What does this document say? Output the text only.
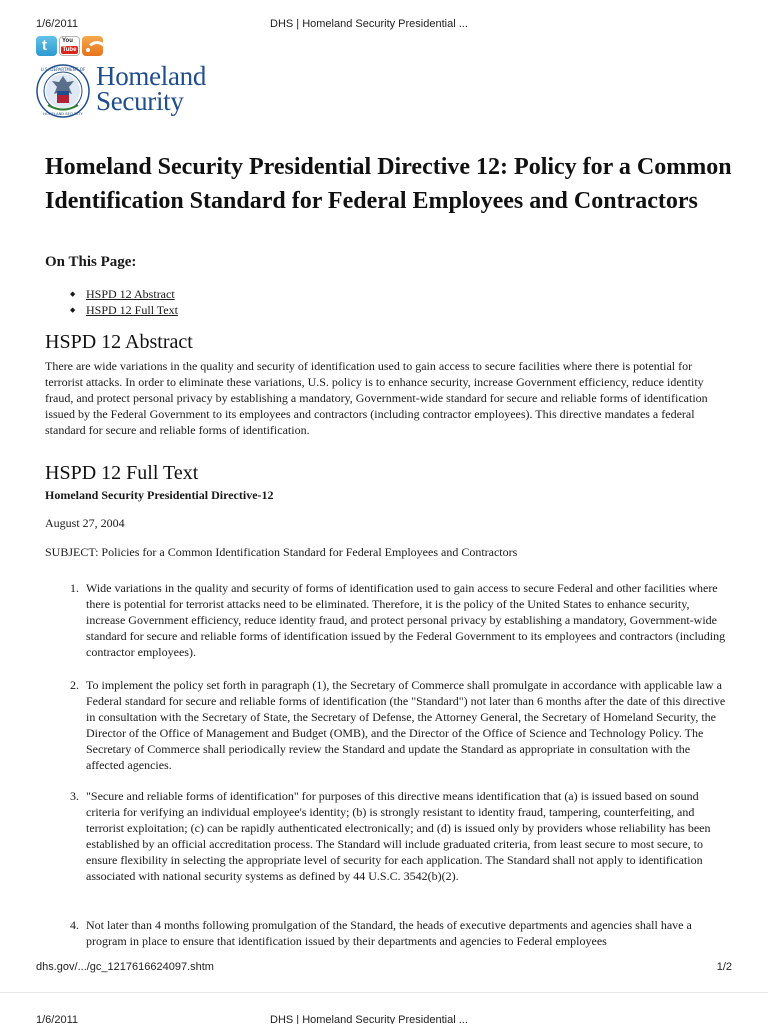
1/6/2011	DHS | Homeland Security Presidential ...
t
You Tube
U.S. DEPARTMENT OF
HOMELAND SECURITY
Homeland
Security
Homeland Security Presidential Directive 12: Policy for a Common Identification Standard for Federal Employees and Contractors
On This Page:
◆ HSPD 12 Abstract
◆ HSPD 12 Full Text
HSPD 12 Abstract

There are wide variations in the quality and security of identification used to gain access to secure facilities where there is potential for terrorist attacks. In order to eliminate these variations, U.S. policy is to enhance security, increase Government efficiency, reduce identity fraud, and protect personal privacy by establishing a mandatory, Government-wide standard for secure and reliable forms of identification issued by the Federal Government to its employees and contractors (including contractor employees). This directive mandates a federal standard for secure and reliable forms of identification.

HSPD 12 Full Text
Homeland Security Presidential Directive-12
August 27, 2004
SUBJECT: Policies for a Common Identification Standard for Federal Employees and Contractors
1. Wide variations in the quality and security of forms of identification used to gain access to secure Federal and other facilities where there is potential for terrorist attacks need to be eliminated. Therefore, it is the policy of the United States to enhance security, increase Government efficiency, reduce identity fraud, and protect personal privacy by establishing a mandatory, Government-wide standard for secure and reliable forms of identification issued by the Federal Government to its employees and contractors (including contractor employees).
2. To implement the policy set forth in paragraph (1), the Secretary of Commerce shall promulgate in accordance with applicable law a Federal standard for secure and reliable forms of identification (the "Standard") not later than 6 months after the date of this directive in consultation with the Secretary of State, the Secretary of Defense, the Attorney General, the Secretary of Homeland Security, the Director of the Office of Management and Budget (OMB), and the Director of the Office of Science and Technology Policy. The Secretary of Commerce shall periodically review the Standard and update the Standard as appropriate in consultation with the affected agencies.
3. "Secure and reliable forms of identification" for purposes of this directive means identification that (a) is issued based on sound criteria for verifying an individual employee's identity; (b) is strongly resistant to identity fraud, tampering, counterfeiting, and terrorist exploitation; (c) can be rapidly authenticated electronically; and (d) is issued only by providers whose reliability has been established by an official accreditation process. The Standard will include graduated criteria, from least secure to most secure, to ensure flexibility in selecting the appropriate level of security for each application. The Standard shall not apply to identification associated with national security systems as defined by 44 U.S.C. 3542(b)(2).
4. Not later than 4 months following promulgation of the Standard, the heads of executive departments and agencies shall have a program in place to ensure that identification issued by their departments and agencies to Federal employees
dhs.gov/.../gc_1217616624097.shtm	1/2
1/6/2011	DHS | Homeland Security Presidential ...
